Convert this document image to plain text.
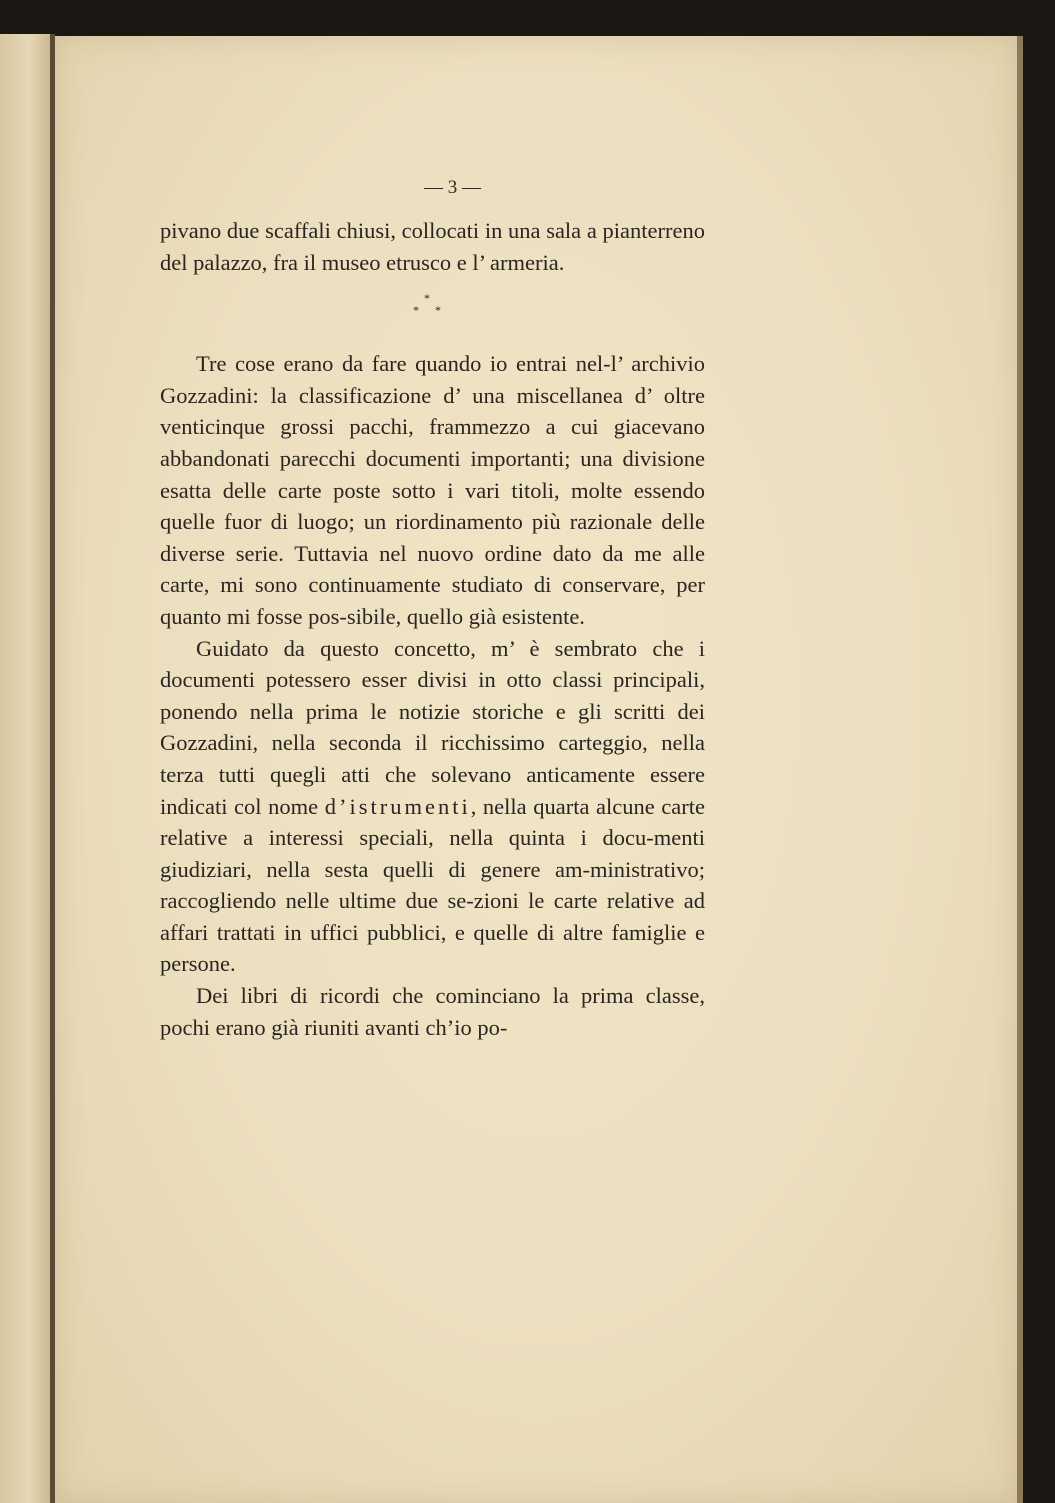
— 3 —

pivano due scaffali chiusi, collocati in una sala a pianterreno del palazzo, fra il museo etrusco e l’ armeria.

*
* *

Tre cose erano da fare quando io entrai nel-l’ archivio Gozzadini: la classificazione d’ una miscellanea d’ oltre venticinque grossi pacchi, frammezzo a cui giacevano abbandonati parecchi documenti importanti; una divisione esatta delle carte poste sotto i vari titoli, molte essendo quelle fuor di luogo; un riordinamento più razionale delle diverse serie. Tuttavia nel nuovo ordine dato da me alle carte, mi sono continuamente studiato di conservare, per quanto mi fosse pos-sibile, quello già esistente.

Guidato da questo concetto, m’ è sembrato che i documenti potessero esser divisi in otto classi principali, ponendo nella prima le notizie storiche e gli scritti dei Gozzadini, nella seconda il ricchissimo carteggio, nella terza tutti quegli atti che solevano anticamente essere indicati col nome d’istrumenti, nella quarta alcune carte relative a interessi speciali, nella quinta i docu-menti giudiziari, nella sesta quelli di genere am-ministrativo; raccogliendo nelle ultime due se-zioni le carte relative ad affari trattati in uffici pubblici, e quelle di altre famiglie e persone.

Dei libri di ricordi che cominciano la prima classe, pochi erano già riuniti avanti ch’io po-
